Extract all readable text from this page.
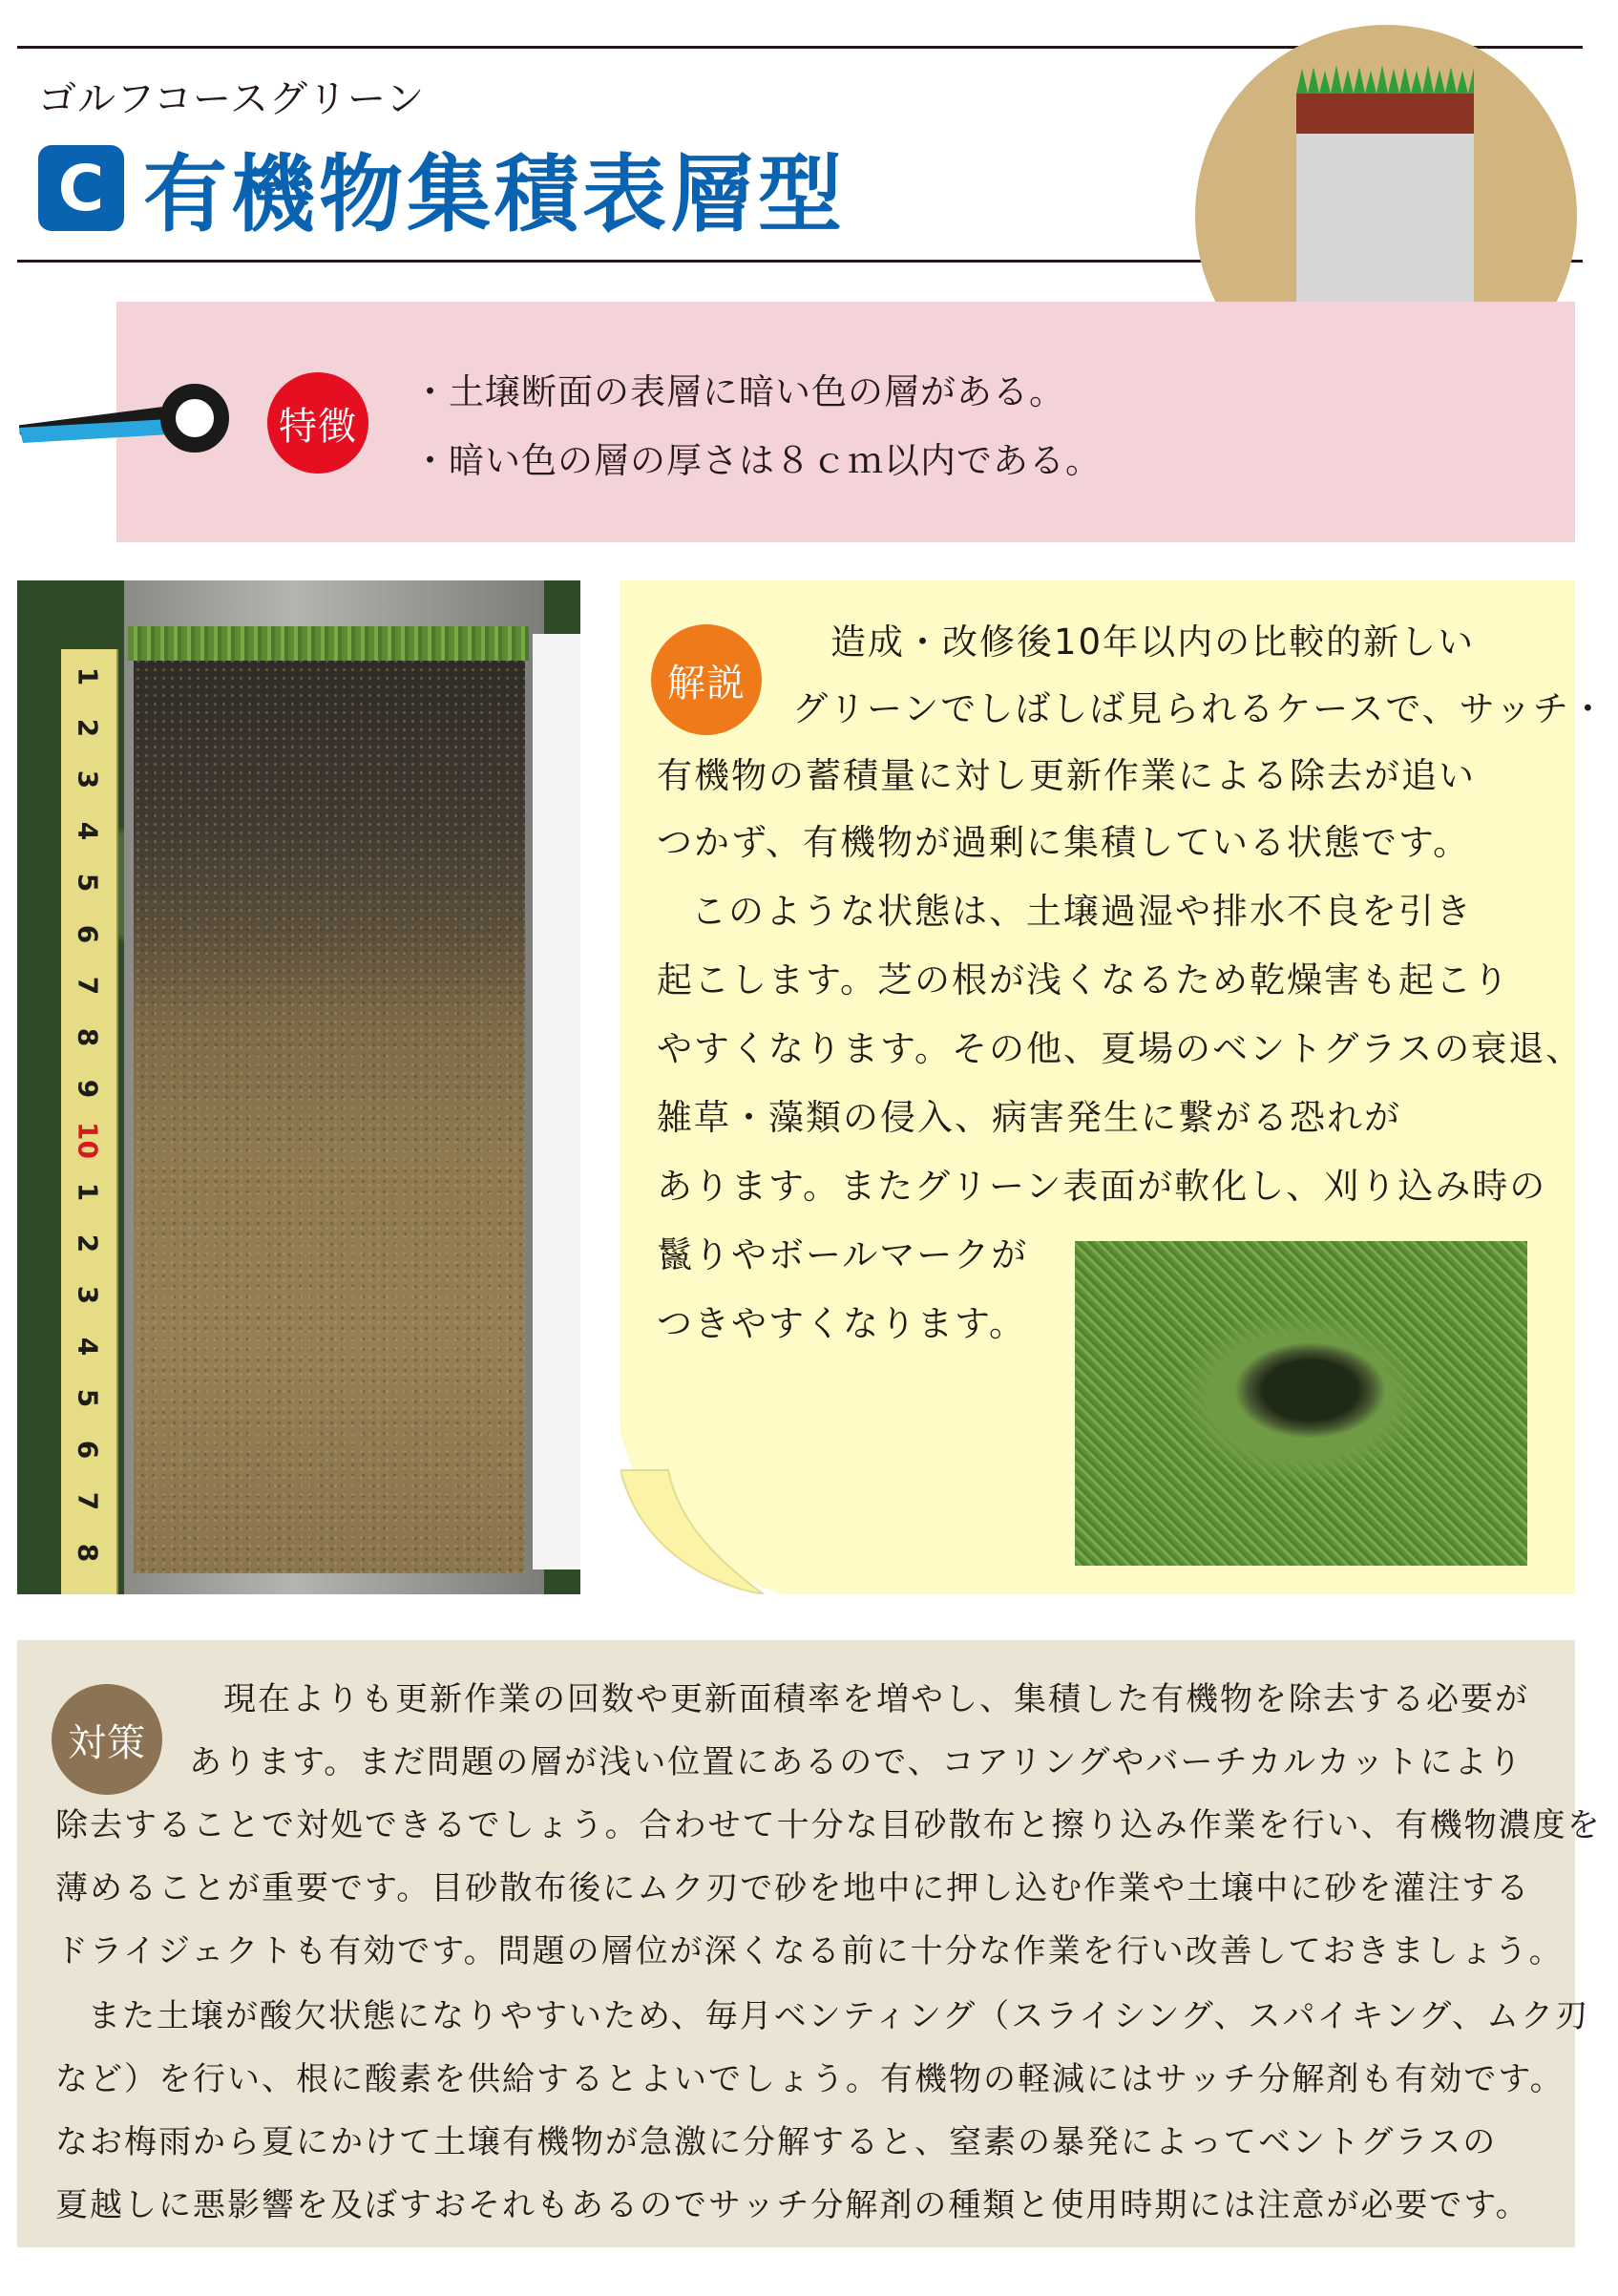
ゴルフコースグリーン
C 有機物集積表層型
特徴
・土壌断面の表層に暗い色の層がある。
・暗い色の層の厚さは８ｃｍ以内である。
1
2
3
4
5
6
7
8
9
10
1
2
3
4
5
6
7
8
解説
造成・改修後10年以内の比較的新しい
グリーンでしばしば見られるケースで、サッチ・
有機物の蓄積量に対し更新作業による除去が追い
つかず、有機物が過剰に集積している状態です。
このような状態は、土壌過湿や排水不良を引き
起こします。芝の根が浅くなるため乾燥害も起こり
やすくなります。その他、夏場のベントグラスの衰退、
雑草・藻類の侵入、病害発生に繋がる恐れが
あります。またグリーン表面が軟化し、刈り込み時の
鬣りやボールマークが
つきやすくなります。
対策
現在よりも更新作業の回数や更新面積率を増やし、集積した有機物を除去する必要が
あります。まだ問題の層が浅い位置にあるので、コアリングやバーチカルカットにより
除去することで対処できるでしょう。合わせて十分な目砂散布と擦り込み作業を行い、有機物濃度を
薄めることが重要です。目砂散布後にムク刃で砂を地中に押し込む作業や土壌中に砂を灌注する
ドライジェクトも有効です。問題の層位が深くなる前に十分な作業を行い改善しておきましょう。
また土壌が酸欠状態になりやすいため、毎月ベンティング（スライシング、スパイキング、ムク刃
など）を行い、根に酸素を供給するとよいでしょう。有機物の軽減にはサッチ分解剤も有効です。
なお梅雨から夏にかけて土壌有機物が急激に分解すると、窒素の暴発によってベントグラスの
夏越しに悪影響を及ぼすおそれもあるのでサッチ分解剤の種類と使用時期には注意が必要です。
